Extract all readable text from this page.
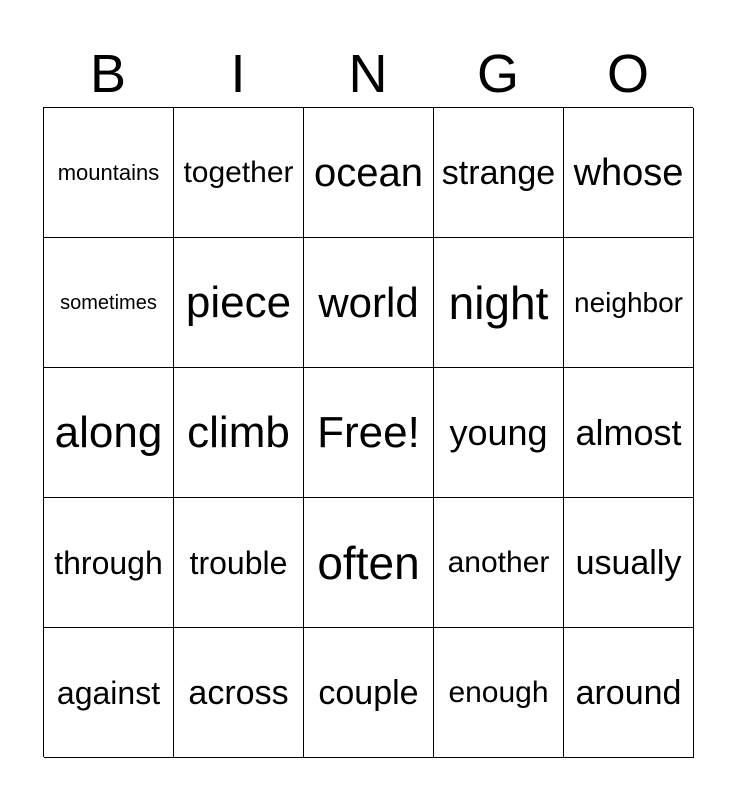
B	I	N	G	O
mountains together ocean strange whose
sometimes piece world night neighbor
along climb Free! young almost
through trouble often another usually
against across couple enough around
